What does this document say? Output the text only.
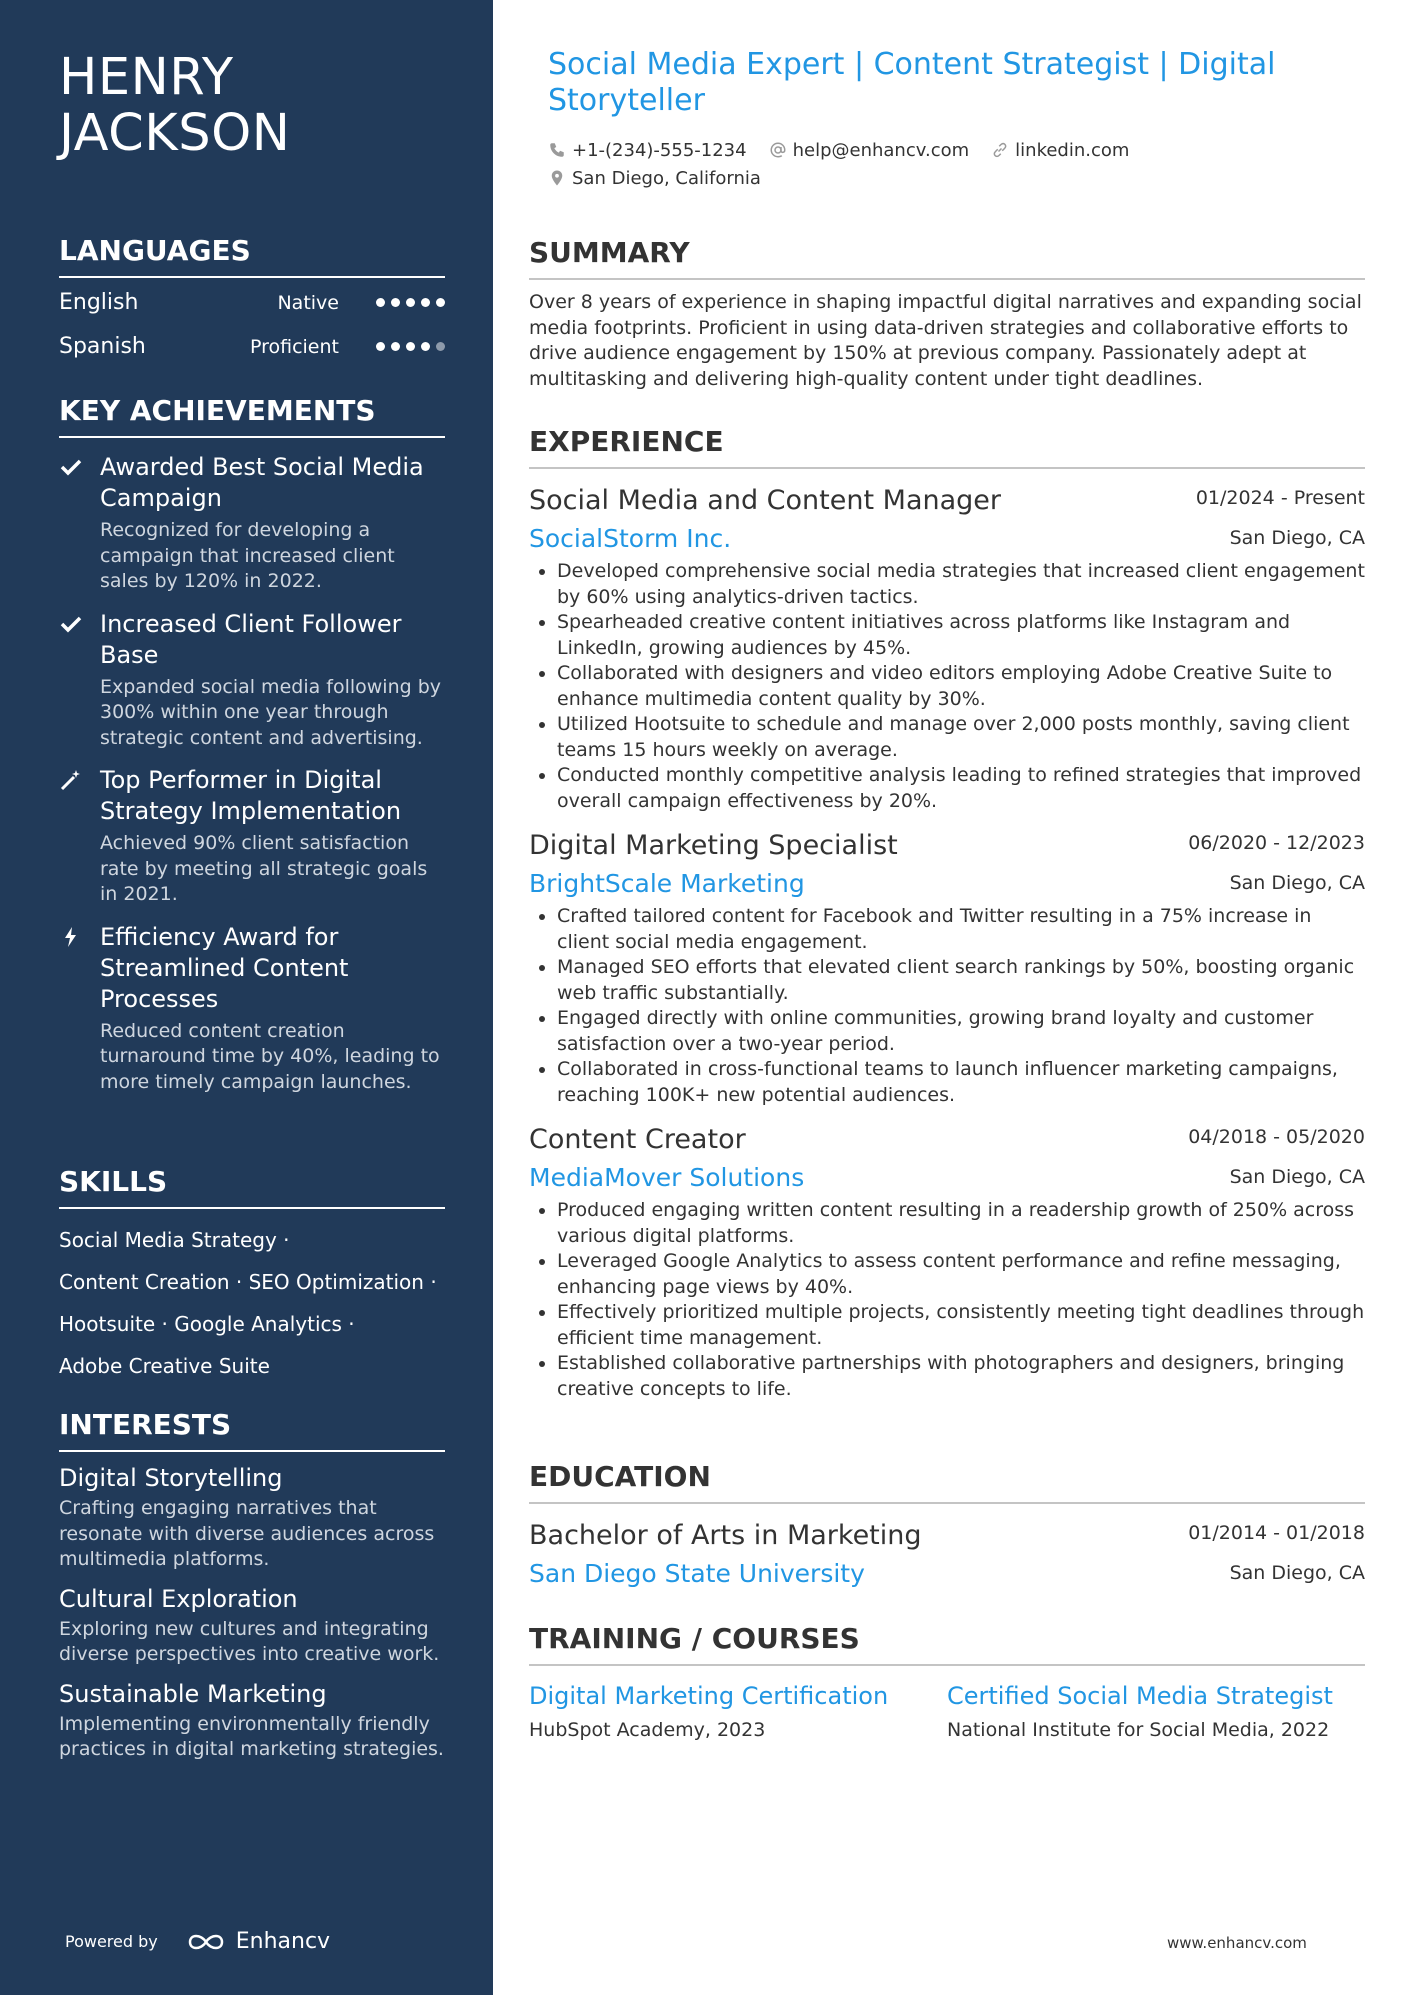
HENRY JACKSON
LANGUAGES
English	Native
Spanish	Proficient
KEY ACHIEVEMENTS
Awarded Best Social Media Campaign
Recognized for developing a campaign that increased client sales by 120% in 2022.
Increased Client Follower Base
Expanded social media following by 300% within one year through strategic content and advertising.
Top Performer in Digital Strategy Implementation
Achieved 90% client satisfaction rate by meeting all strategic goals in 2021.
Efficiency Award for Streamlined Content Processes
Reduced content creation turnaround time by 40%, leading to more timely campaign launches.
SKILLS
Social Media Strategy ·
Content Creation · SEO Optimization ·
Hootsuite · Google Analytics ·
Adobe Creative Suite
INTERESTS
Digital Storytelling
Crafting engaging narratives that resonate with diverse audiences across multimedia platforms.
Cultural Exploration
Exploring new cultures and integrating diverse perspectives into creative work.
Sustainable Marketing
Implementing environmentally friendly practices in digital marketing strategies.
Powered by	Enhancv
Social Media Expert | Content Strategist | Digital Storyteller
+1-(234)-555-1234	help@enhancv.com	linkedin.com
San Diego, California
SUMMARY
Over 8 years of experience in shaping impactful digital narratives and expanding social media footprints. Proficient in using data-driven strategies and collaborative efforts to drive audience engagement by 150% at previous company. Passionately adept at multitasking and delivering high-quality content under tight deadlines.
EXPERIENCE
Social Media and Content Manager	01/2024 - Present
SocialStorm Inc.	San Diego, CA
• Developed comprehensive social media strategies that increased client engagement by 60% using analytics-driven tactics.
• Spearheaded creative content initiatives across platforms like Instagram and LinkedIn, growing audiences by 45%.
• Collaborated with designers and video editors employing Adobe Creative Suite to enhance multimedia content quality by 30%.
• Utilized Hootsuite to schedule and manage over 2,000 posts monthly, saving client teams 15 hours weekly on average.
• Conducted monthly competitive analysis leading to refined strategies that improved overall campaign effectiveness by 20%.
Digital Marketing Specialist	06/2020 - 12/2023
BrightScale Marketing	San Diego, CA
• Crafted tailored content for Facebook and Twitter resulting in a 75% increase in client social media engagement.
• Managed SEO efforts that elevated client search rankings by 50%, boosting organic web traffic substantially.
• Engaged directly with online communities, growing brand loyalty and customer satisfaction over a two-year period.
• Collaborated in cross-functional teams to launch influencer marketing campaigns, reaching 100K+ new potential audiences.
Content Creator	04/2018 - 05/2020
MediaMover Solutions	San Diego, CA
• Produced engaging written content resulting in a readership growth of 250% across various digital platforms.
• Leveraged Google Analytics to assess content performance and refine messaging, enhancing page views by 40%.
• Effectively prioritized multiple projects, consistently meeting tight deadlines through efficient time management.
• Established collaborative partnerships with photographers and designers, bringing creative concepts to life.
EDUCATION
Bachelor of Arts in Marketing	01/2014 - 01/2018
San Diego State University	San Diego, CA
TRAINING / COURSES
Digital Marketing Certification
HubSpot Academy, 2023
Certified Social Media Strategist
National Institute for Social Media, 2022
www.enhancv.com
